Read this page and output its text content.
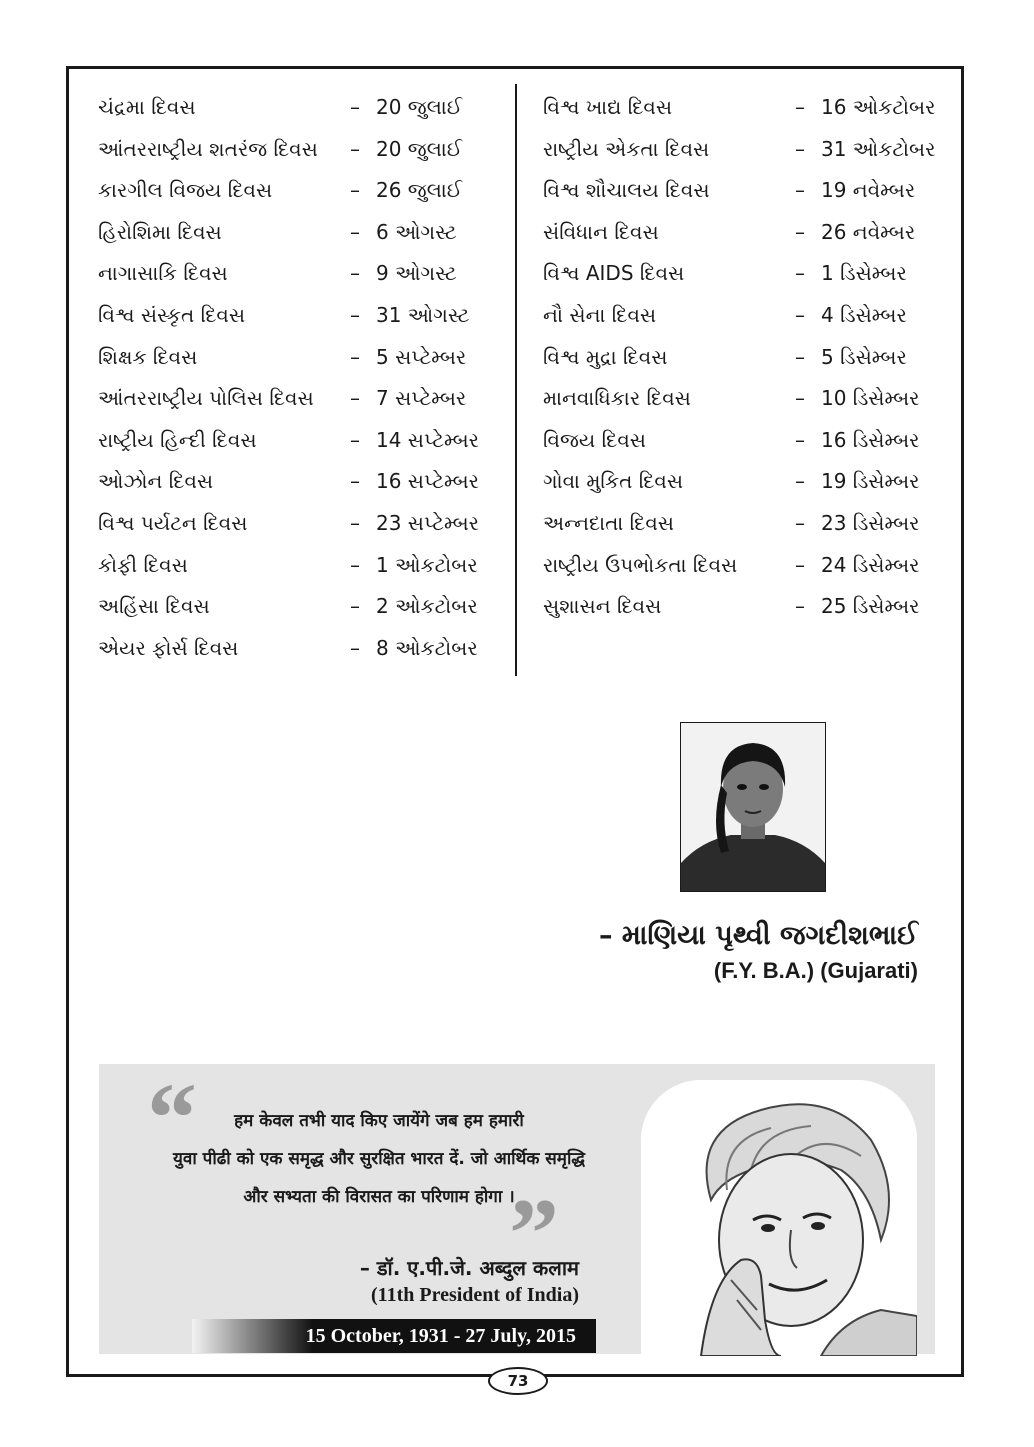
ચંદ્રમા દિવસ	– 20 જુલાઈ
આંતરરાષ્ટ્રીય શતરંજ દિવસ – 20 જુલાઈ
કારગીલ વિજય દિવસ	– 26 જુલાઈ
હિરોશિમા દિવસ	– 6 ઓગસ્ટ
નાગાસાકિ દિવસ	– 9 ઓગસ્ટ
વિશ્વ સંસ્કૃત દિવસ	– 31 ઓગસ્ટ
શિક્ષક દિવસ	– 5 સપ્ટેમ્બર
આંતરરાષ્ટ્રીય પોલિસ દિવસ – 7 સપ્ટેમ્બર
રાષ્ટ્રીય હિન્દી દિવસ	– 14 સપ્ટેમ્બર
ઓઝોન દિવસ	– 16 સપ્ટેમ્બર
વિશ્વ પર્યટન દિવસ	– 23 સપ્ટેમ્બર
કોફી દિવસ	– 1 ઓકટોબર
અહિંસા દિવસ	– 2 ઓકટોબર
એયર ફોર્સ દિવસ	– 8 ઓકટોબર
વિશ્વ ખાદ્ય દિવસ	– 16 ઓકટોબર
રાષ્ટ્રીય એકતા દિવસ	– 31 ઓકટોબર
વિશ્વ શૌચાલય દિવસ	– 19 નવેમ્બર
સંવિધાન દિવસ	– 26 નવેમ્બર
વિશ્વ AIDS દિવસ	– 1 ડિસેમ્બર
નૌ સેના દિવસ	– 4 ડિસેમ્બર
વિશ્વ મુદ્રા દિવસ	– 5 ડિસેમ્બર
માનવાધિકાર દિવસ	– 10 ડિસેમ્બર
વિજય દિવસ	– 16 ડિસેમ્બર
ગોવા મુકિત દિવસ	– 19 ડિસેમ્બર
અન્નદાતા દિવસ	– 23 ડિસેમ્બર
રાષ્ટ્રીય ઉપભોકતા દિવસ	– 24 ડિસેમ્બર
સુશાસન દિવસ	– 25 ડિસેમ્બર
– માણિયા પૃથ્વી જગદીશભાઈ
(F.Y. B.A.) (Gujarati)
“
”
हम केवल तभी याद किए जायेंगे जब हम हमारी
युवा पीढी को एक समृद्ध और सुरक्षित भारत दें. जो आर्थिक समृद्धि
और सभ्यता की विरासत का परिणाम होगा ।
– डॉ. ए.पी.जे. अब्दुल कलाम
(11th President of India)
15 October, 1931 - 27 July, 2015
73
